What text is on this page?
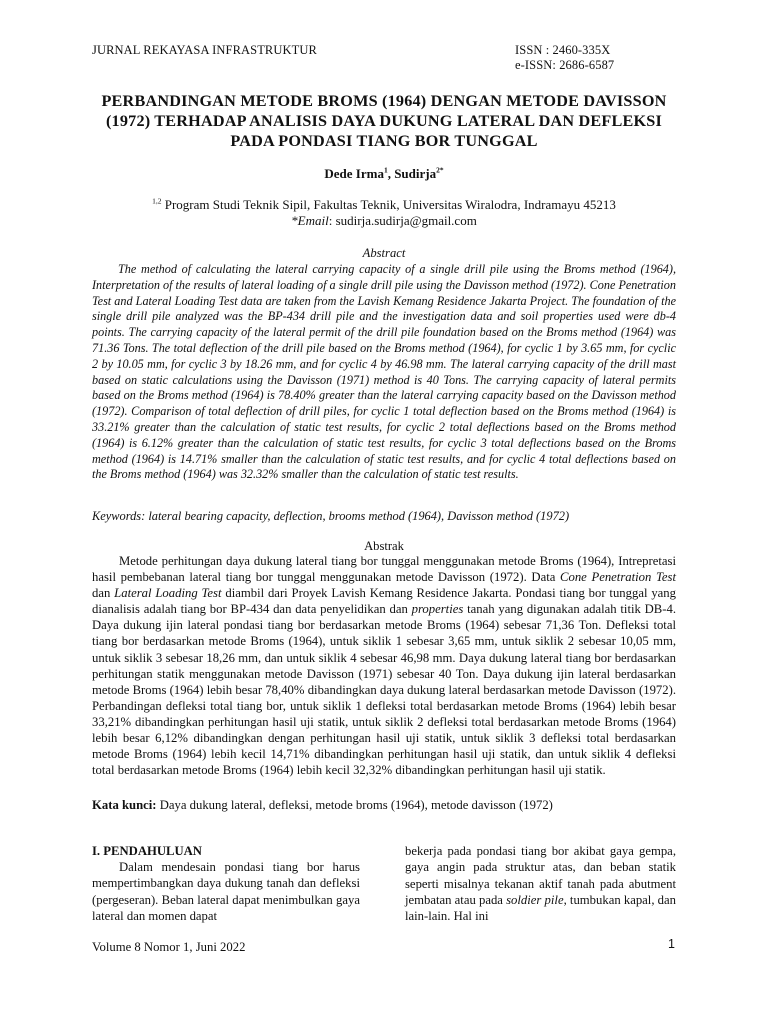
JURNAL REKAYASA INFRASTRUKTUR	ISSN : 2460-335X
e-ISSN: 2686-6587
PERBANDINGAN METODE BROMS (1964) DENGAN METODE DAVISSON (1972) TERHADAP ANALISIS DAYA DUKUNG LATERAL DAN DEFLEKSI PADA PONDASI TIANG BOR TUNGGAL
Dede Irma$^1$, Sudirja$^{2*}$
$^{1,2}$ Program Studi Teknik Sipil, Fakultas Teknik, Universitas Wiralodra, Indramayu 45213
*Email: sudirja.sudirja@gmail.com
Abstract
The method of calculating the lateral carrying capacity of a single drill pile using the Broms method (1964), Interpretation of the results of lateral loading of a single drill pile using the Davisson method (1972). Cone Penetration Test and Lateral Loading Test data are taken from the Lavish Kemang Residence Jakarta Project. The foundation of the single drill pile analyzed was the BP-434 drill pile and the investigation data and soil properties used were db-4 points. The carrying capacity of the lateral permit of the drill pile foundation based on the Broms method (1964) was 71.36 Tons. The total deflection of the drill pile based on the Broms method (1964), for cyclic 1 by 3.65 mm, for cyclic 2 by 10.05 mm, for cyclic 3 by 18.26 mm, and for cyclic 4 by 46.98 mm. The lateral carrying capacity of the drill mast based on static calculations using the Davisson (1971) method is 40 Tons. The carrying capacity of lateral permits based on the Broms method (1964) is 78.40% greater than the lateral carrying capacity based on the Davisson method (1972). Comparison of total deflection of drill piles, for cyclic 1 total deflection based on the Broms method (1964) is 33.21% greater than the calculation of static test results, for cyclic 2 total deflections based on the Broms method (1964) is 6.12% greater than the calculation of static test results, for cyclic 3 total deflections based on the Broms method (1964) is 14.71% smaller than the calculation of static test results, and for cyclic 4 total deflections based on the Broms method (1964) was 32.32% smaller than the calculation of static test results.
Keywords: lateral bearing capacity, deflection, brooms method (1964), Davisson method (1972)
Abstrak
Metode perhitungan daya dukung lateral tiang bor tunggal menggunakan metode Broms (1964), Intrepretasi hasil pembebanan lateral tiang bor tunggal menggunakan metode Davisson (1972). Data Cone Penetration Test dan Lateral Loading Test diambil dari Proyek Lavish Kemang Residence Jakarta. Pondasi tiang bor tunggal yang dianalisis adalah tiang bor BP-434 dan data penyelidikan dan properties tanah yang digunakan adalah titik DB-4. Daya dukung ijin lateral pondasi tiang bor berdasarkan metode Broms (1964) sebesar 71,36 Ton. Defleksi total tiang bor berdasarkan metode Broms (1964), untuk siklik 1 sebesar 3,65 mm, untuk siklik 2 sebesar 10,05 mm, untuk siklik 3 sebesar 18,26 mm, dan untuk siklik 4 sebesar 46,98 mm. Daya dukung lateral tiang bor berdasarkan perhitungan statik menggunakan metode Davisson (1971) sebesar 40 Ton. Daya dukung ijin lateral berdasarkan metode Broms (1964) lebih besar 78,40% dibandingkan daya dukung lateral berdasarkan metode Davisson (1972). Perbandingan defleksi total tiang bor, untuk siklik 1 defleksi total berdasarkan metode Broms (1964) lebih besar 33,21% dibandingkan perhitungan hasil uji statik, untuk siklik 2 defleksi total berdasarkan metode Broms (1964) lebih besar 6,12% dibandingkan dengan perhitungan hasil uji statik, untuk siklik 3 defleksi total berdasarkan metode Broms (1964) lebih kecil 14,71% dibandingkan perhitungan hasil uji statik, dan untuk siklik 4 defleksi total berdasarkan metode Broms (1964) lebih kecil 32,32% dibandingkan perhitungan hasil uji statik.
Kata kunci: Daya dukung lateral, defleksi, metode broms (1964), metode davisson (1972)
I. PENDAHULUAN
Dalam mendesain pondasi tiang bor harus mempertimbangkan daya dukung tanah dan defleksi (pergeseran). Beban lateral dapat menimbulkan gaya lateral dan momen dapat
bekerja pada pondasi tiang bor akibat gaya gempa, gaya angin pada struktur atas, dan beban statik seperti misalnya tekanan aktif tanah pada abutment jembatan atau pada soldier pile, tumbukan kapal, dan lain-lain. Hal ini
Volume 8 Nomor 1, Juni 2022	1
